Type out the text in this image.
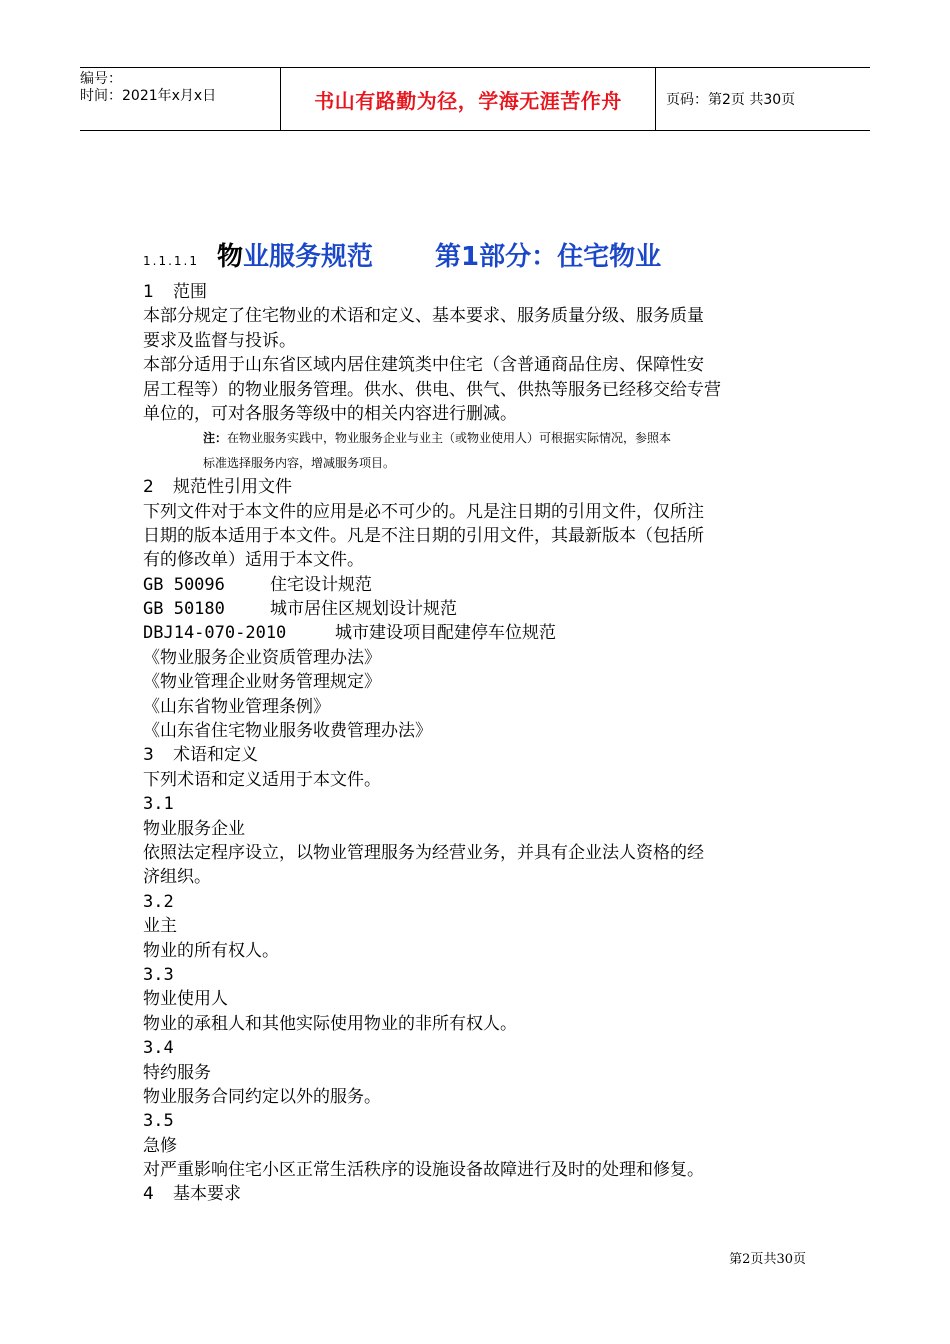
编号：
时间：2021年x月x日	书山有路勤为径，学海无涯苦作舟	页码：第2页 共30页
1.1.1.1 物业服务规范 第1部分：住宅物业
1 范围
本部分规定了住宅物业的术语和定义、基本要求、服务质量分级、服务质量
要求及监督与投诉。
本部分适用于山东省区域内居住建筑类中住宅（含普通商品住房、保障性安
居工程等）的物业服务管理。供水、供电、供气、供热等服务已经移交给专营
单位的，可对各服务等级中的相关内容进行删减。
注：在物业服务实践中，物业服务企业与业主（或物业使用人）可根据实际情况，参照本
标准选择服务内容，增减服务项目。
2 规范性引用文件
下列文件对于本文件的应用是必不可少的。凡是注日期的引用文件，仅所注
日期的版本适用于本文件。凡是不注日期的引用文件，其最新版本（包括所
有的修改单）适用于本文件。
GB 50096	住宅设计规范
GB 50180	城市居住区规划设计规范
DBJ14-070-2010	城市建设项目配建停车位规范
《物业服务企业资质管理办法》
《物业管理企业财务管理规定》
《山东省物业管理条例》
《山东省住宅物业服务收费管理办法》
3 术语和定义
下列术语和定义适用于本文件。
3.1
物业服务企业
依照法定程序设立，以物业管理服务为经营业务，并具有企业法人资格的经
济组织。
3.2
业主
物业的所有权人。
3.3
物业使用人
物业的承租人和其他实际使用物业的非所有权人。
3.4
特约服务
物业服务合同约定以外的服务。
3.5
急修
对严重影响住宅小区正常生活秩序的设施设备故障进行及时的处理和修复。
4 基本要求
第2页共30页
